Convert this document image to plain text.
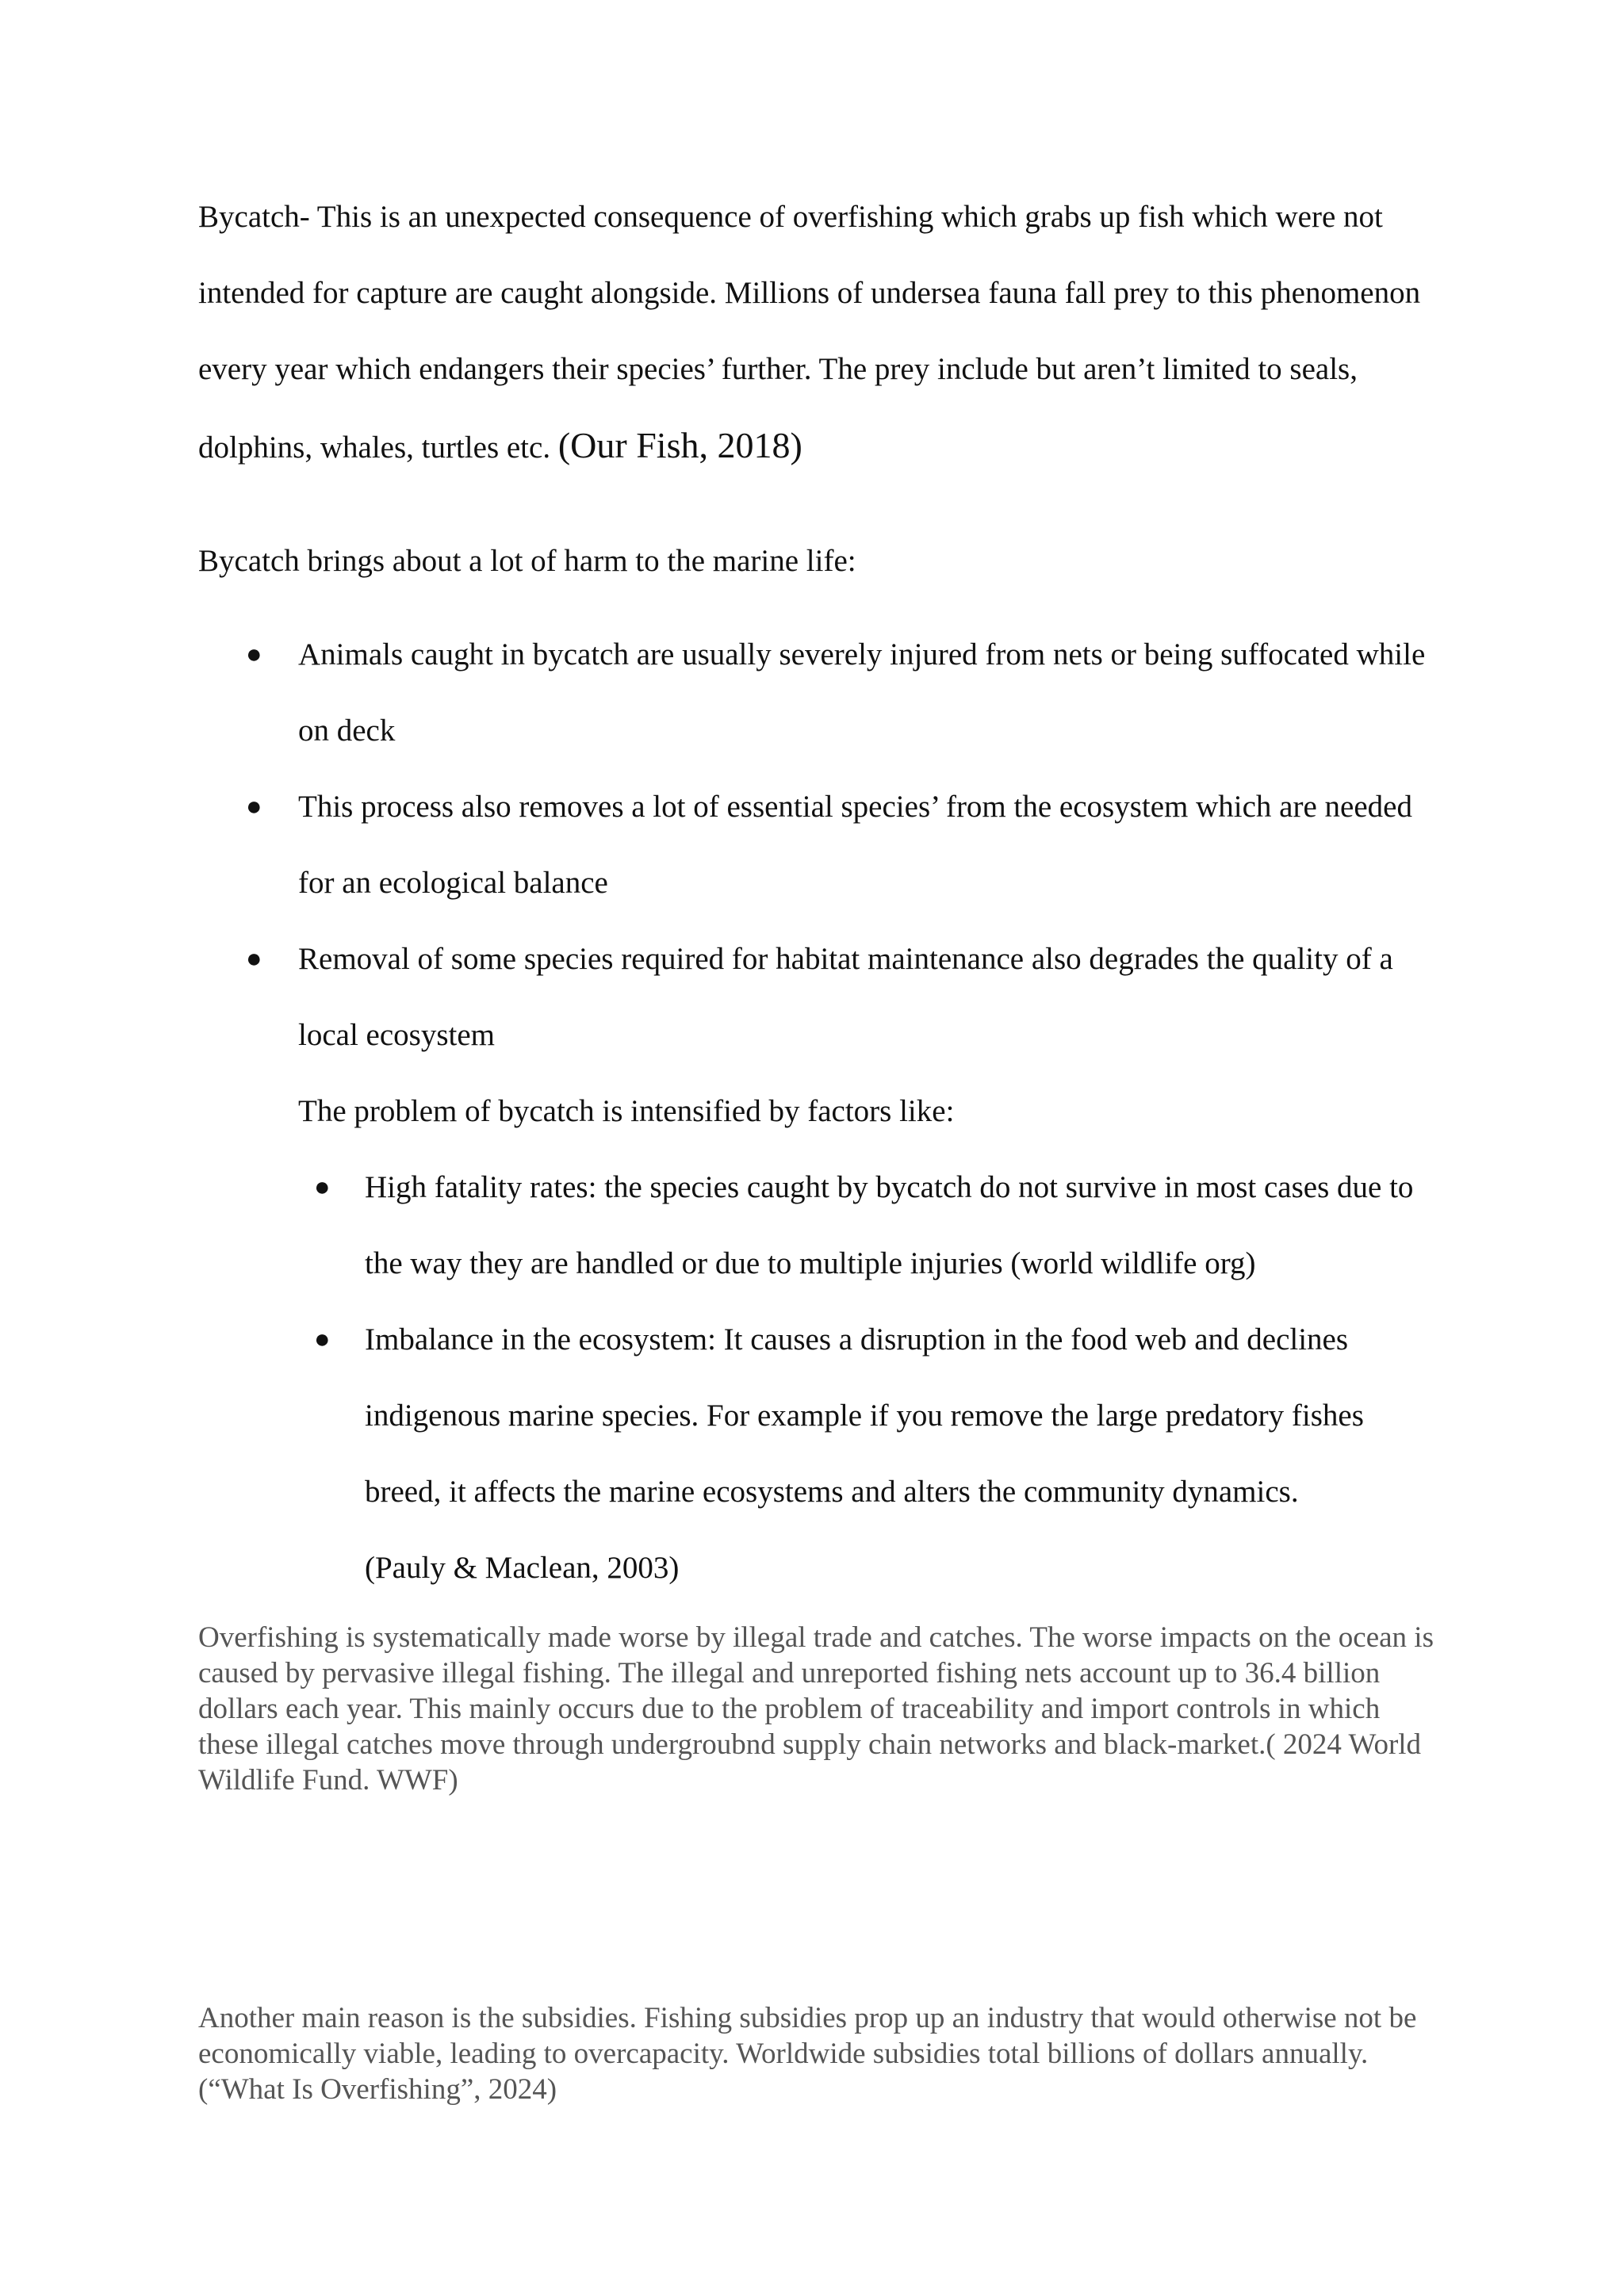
Bycatch- This is an unexpected consequence of overfishing which grabs up fish which were not intended for capture are caught alongside. Millions of undersea fauna fall prey to this phenomenon every year which endangers their species’ further. The prey include but aren’t limited to seals, dolphins, whales, turtles etc. (Our Fish, 2018)

Bycatch brings about a lot of harm to the marine life:

● Animals caught in bycatch are usually severely injured from nets or being suffocated while on deck
● This process also removes a lot of essential species’ from the ecosystem which are needed for an ecological balance
● Removal of some species required for habitat maintenance also degrades the quality of a local ecosystem

The problem of bycatch is intensified by factors like:

● High fatality rates: the species caught by bycatch do not survive in most cases due to the way they are handled or due to multiple injuries (world wildlife org)
● Imbalance in the ecosystem: It causes a disruption in the food web and declines indigenous marine species. For example if you remove the large predatory fishes breed, it affects the marine ecosystems and alters the community dynamics.

(Pauly & Maclean, 2003)

Overfishing is systematically made worse by illegal trade and catches. The worse impacts on the ocean is caused by pervasive illegal fishing. The illegal and unreported fishing nets account up to 36.4 billion dollars each year. This mainly occurs due to the problem of traceability and import controls in which these illegal catches move through undergroubnd supply chain networks and black-market.( 2024 World Wildlife Fund. WWF)

Another main reason is the subsidies. Fishing subsidies prop up an industry that would otherwise not be economically viable, leading to overcapacity. Worldwide subsidies total billions of dollars annually. (“What Is Overfishing”, 2024)
